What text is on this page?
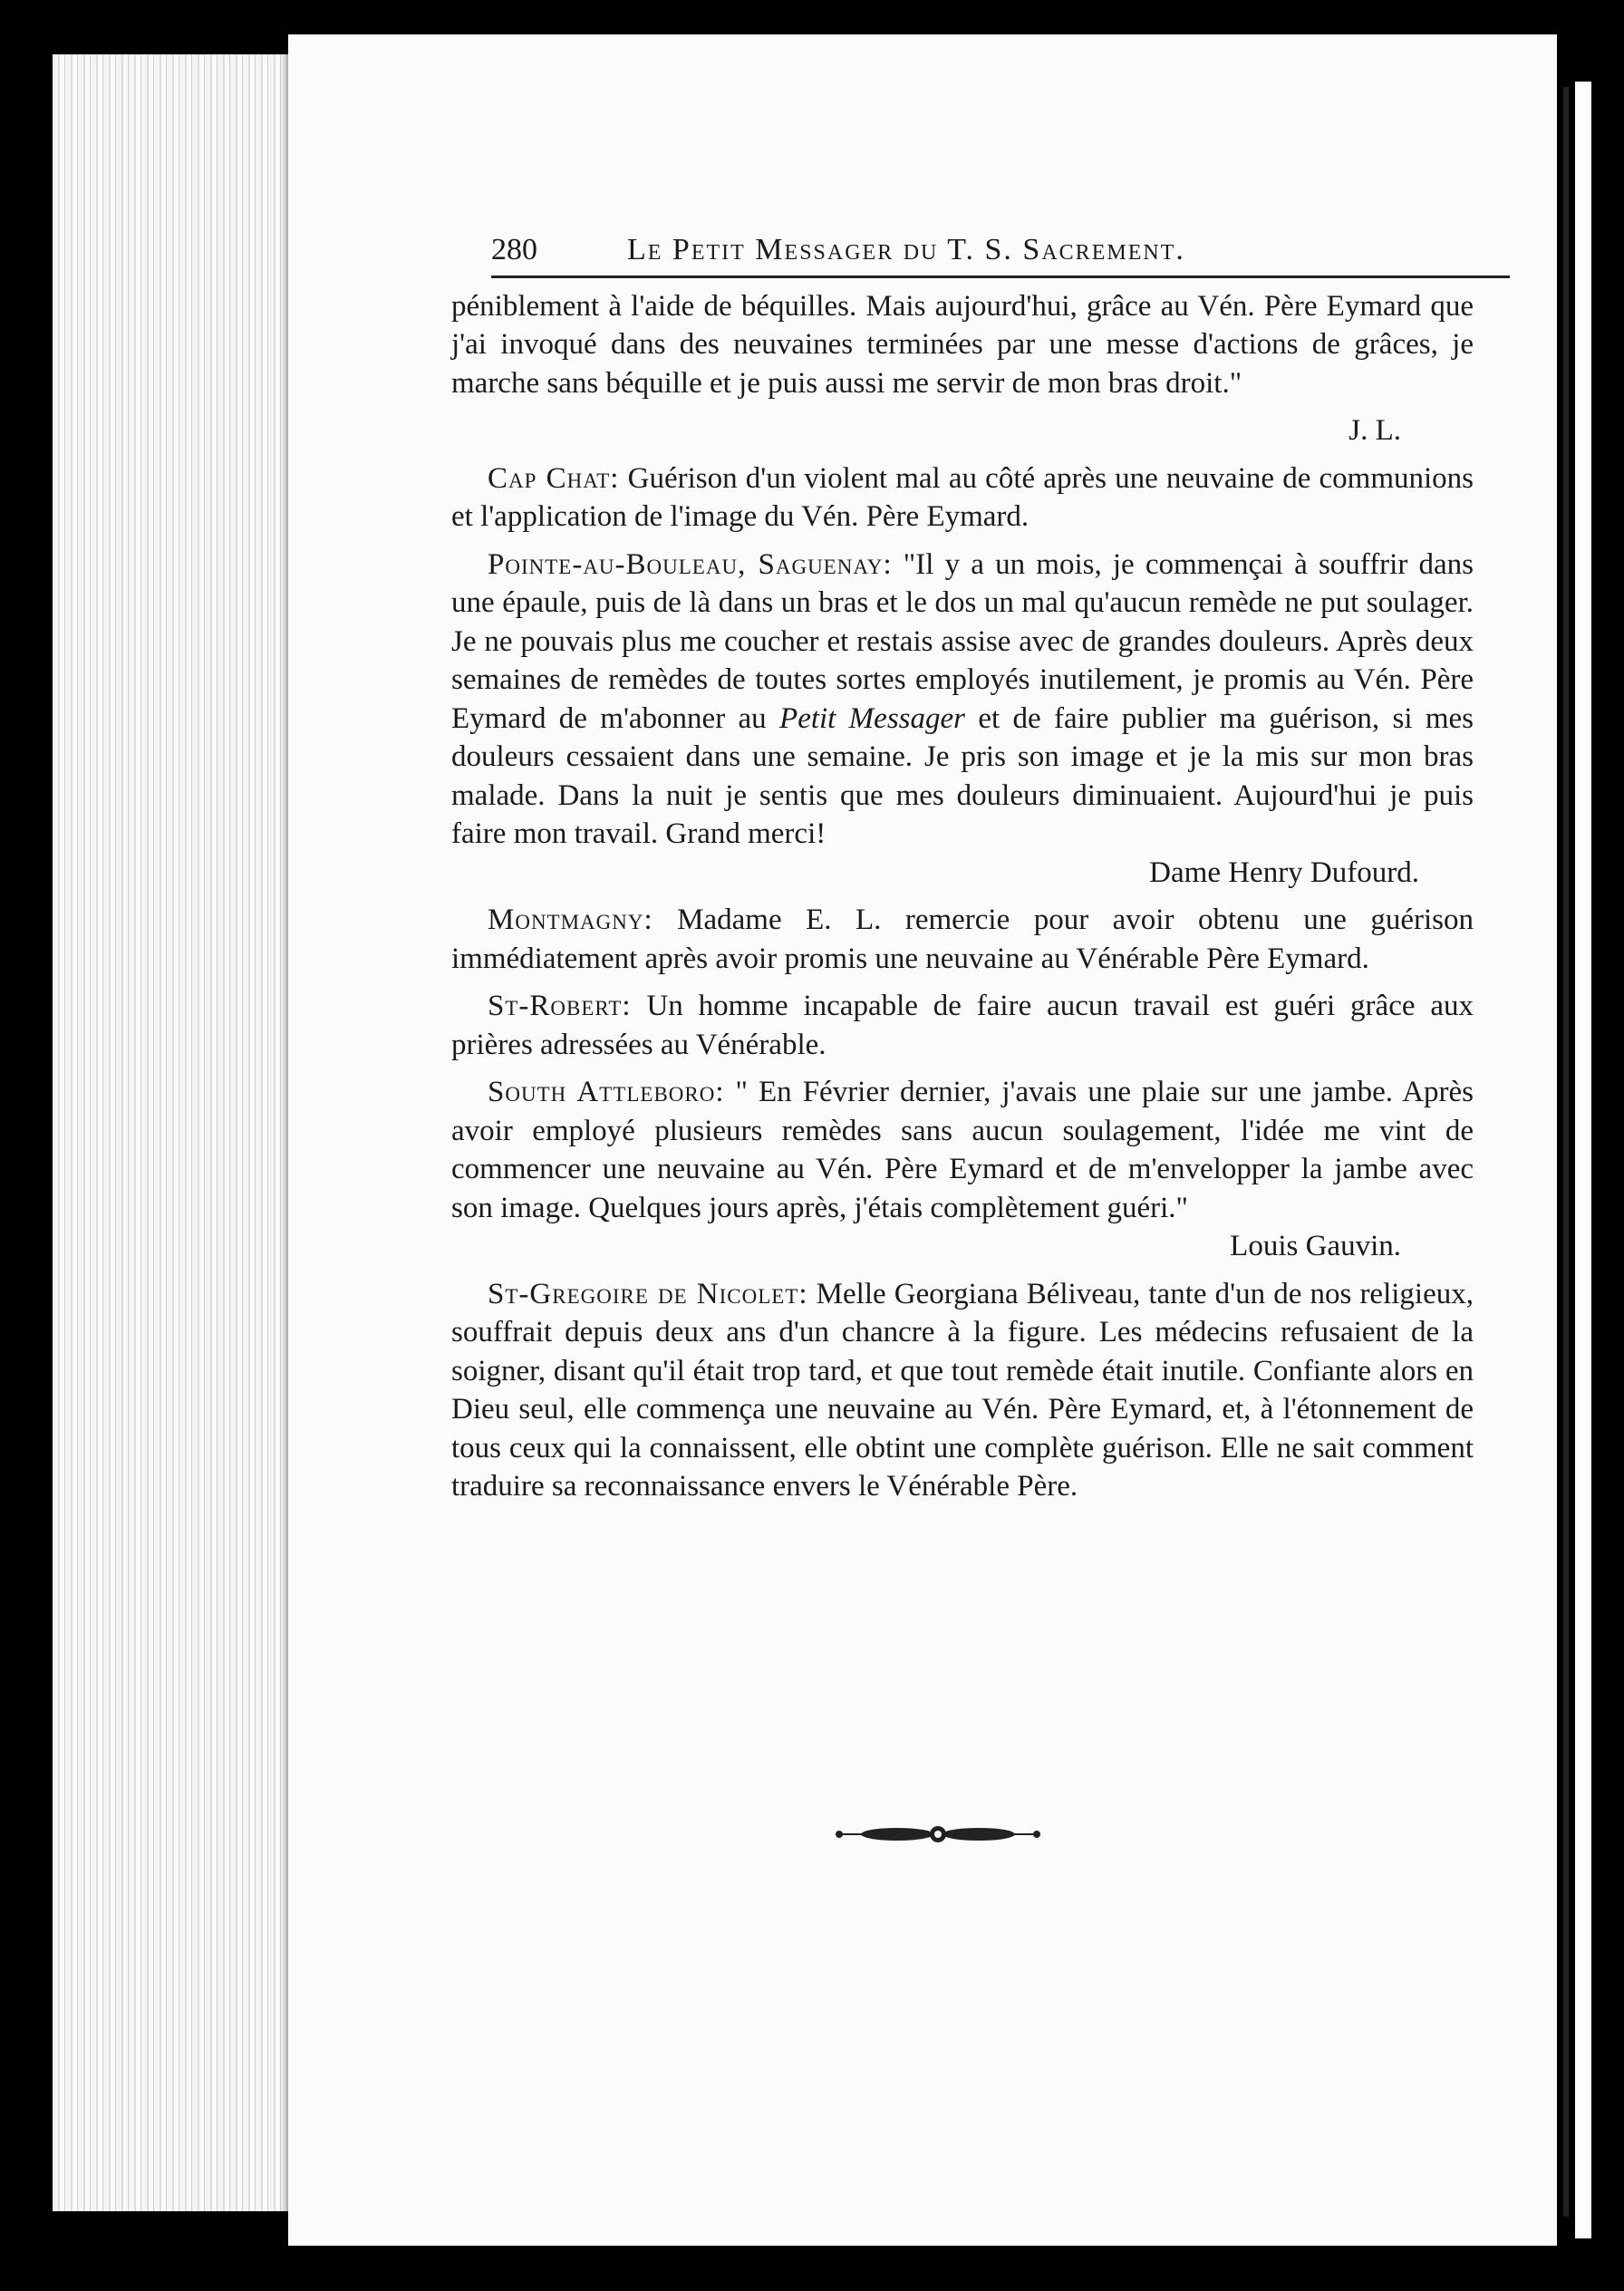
280	Le Petit Messager du T. S. Sacrement.

péniblement à l'aide de béquilles. Mais aujourd'hui, grâce au Vén. Père Eymard que j'ai invoqué dans des neuvaines terminées par une messe d'actions de grâces, je marche sans béquille et je puis aussi me servir de mon bras droit."

J. L.

Cap Chat: Guérison d'un violent mal au côté après une neuvaine de communions et l'application de l'image du Vén. Père Eymard.

Pointe-au-Bouleau, Saguenay: "Il y a un mois, je commençai à souffrir dans une épaule, puis de là dans un bras et le dos un mal qu'aucun remède ne put soulager. Je ne pouvais plus me coucher et restais assise avec de grandes douleurs. Après deux semaines de remèdes de toutes sortes employés inutilement, je promis au Vén. Père Eymard de m'abonner au Petit Messager et de faire publier ma guérison, si mes douleurs cessaient dans une semaine. Je pris son image et je la mis sur mon bras malade. Dans la nuit je sentis que mes douleurs diminuaient. Aujourd'hui je puis faire mon travail. Grand merci!

Dame Henry Dufourd.

Montmagny: Madame E. L. remercie pour avoir obtenu une guérison immédiatement après avoir promis une neuvaine au Vénérable Père Eymard.

St-Robert: Un homme incapable de faire aucun travail est guéri grâce aux prières adressées au Vénérable.

South Attleboro: " En Février dernier, j'avais une plaie sur une jambe. Après avoir employé plusieurs remèdes sans aucun soulagement, l'idée me vint de commencer une neuvaine au Vén. Père Eymard et de m'envelopper la jambe avec son image. Quelques jours après, j'étais complètement guéri."

Louis Gauvin.

St-Gregoire de Nicolet: Melle Georgiana Béliveau, tante d'un de nos religieux, souffrait depuis deux ans d'un chancre à la figure. Les médecins refusaient de la soigner, disant qu'il était trop tard, et que tout remède était inutile. Confiante alors en Dieu seul, elle commença une neuvaine au Vén. Père Eymard, et, à l'étonnement de tous ceux qui la connaissent, elle obtint une complète guérison. Elle ne sait comment traduire sa reconnaissance envers le Vénérable Père.
